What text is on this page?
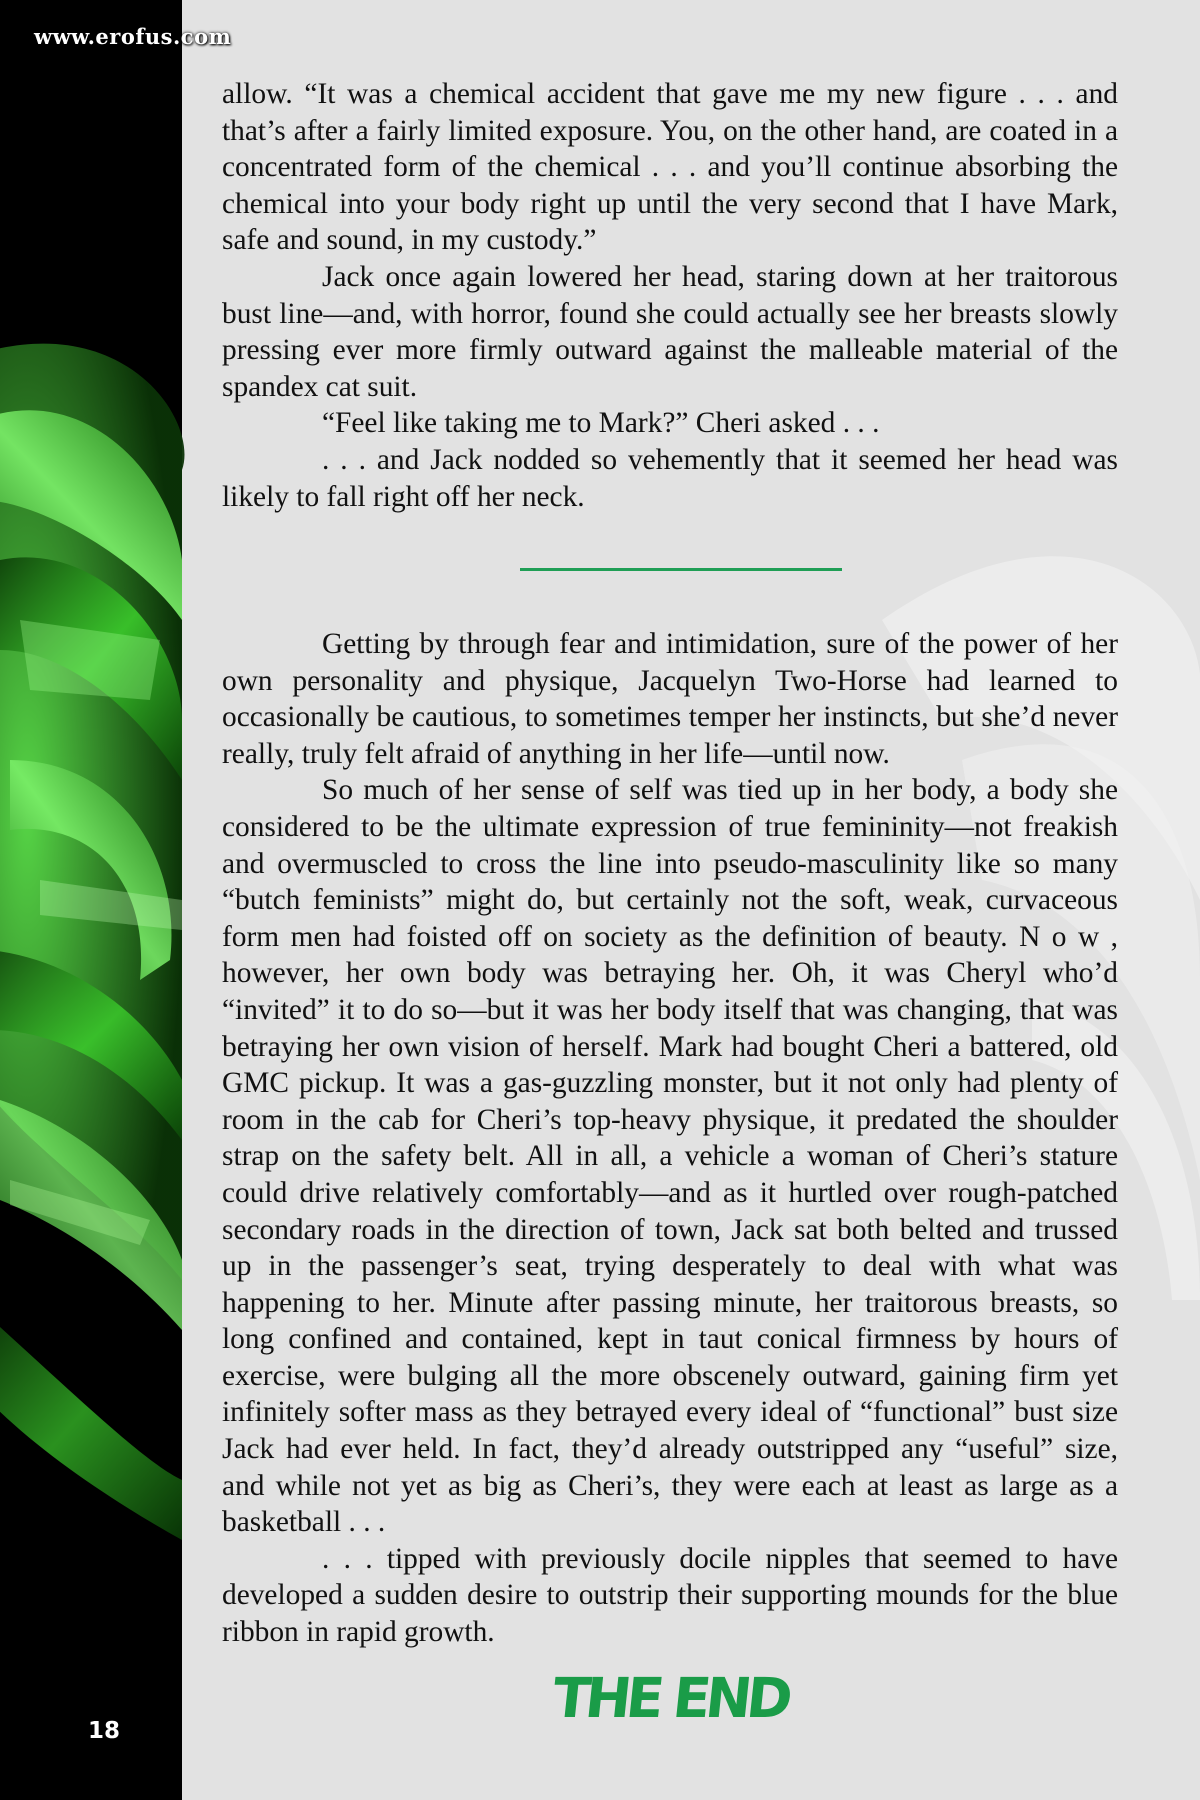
www.erofus.com
18

allow. “It was a chemical accident that gave me my new figure . . . and that’s after a fairly limited exposure. You, on the other hand, are coated in a concentrated form of the chemical . . . and you’ll continue absorbing the chemical into your body right up until the very second that I have Mark, safe and sound, in my custody.”

Jack once again lowered her head, staring down at her traitorous bust line—and, with horror, found she could actually see her breasts slowly pressing ever more firmly outward against the malleable material of the spandex cat suit.

“Feel like taking me to Mark?” Cheri asked . . .

. . . and Jack nodded so vehemently that it seemed her head was likely to fall right off her neck.

Getting by through fear and intimidation, sure of the power of her own personality and physique, Jacquelyn Two-Horse had learned to occasionally be cautious, to sometimes temper her instincts, but she’d never really, truly felt afraid of anything in her life—until now.

So much of her sense of self was tied up in her body, a body she considered to be the ultimate expression of true femininity—not freakish and overmuscled to cross the line into pseudo-masculinity like so many “butch feminists” might do, but certainly not the soft, weak, curvaceous form men had foisted off on society as the definition of beauty. N o w , however, her own body was betraying her. Oh, it was Cheryl who’d “invited” it to do so—but it was her body itself that was changing, that was betraying her own vision of herself. Mark had bought Cheri a battered, old GMC pickup. It was a gas-guzzling monster, but it not only had plenty of room in the cab for Cheri’s top-heavy physique, it predated the shoulder strap on the safety belt. All in all, a vehicle a woman of Cheri’s stature could drive relatively comfortably—and as it hurtled over rough-patched secondary roads in the direction of town, Jack sat both belted and trussed up in the passenger’s seat, trying desperately to deal with what was happening to her. Minute after passing minute, her traitorous breasts, so long confined and contained, kept in taut conical firmness by hours of exercise, were bulging all the more obscenely outward, gaining firm yet infinitely softer mass as they betrayed every ideal of “functional” bust size Jack had ever held. In fact, they’d already outstripped any “useful” size, and while not yet as big as Cheri’s, they were each at least as large as a basketball . . .

. . . tipped with previously docile nipples that seemed to have developed a sudden desire to outstrip their supporting mounds for the blue ribbon in rapid growth.

THE END
